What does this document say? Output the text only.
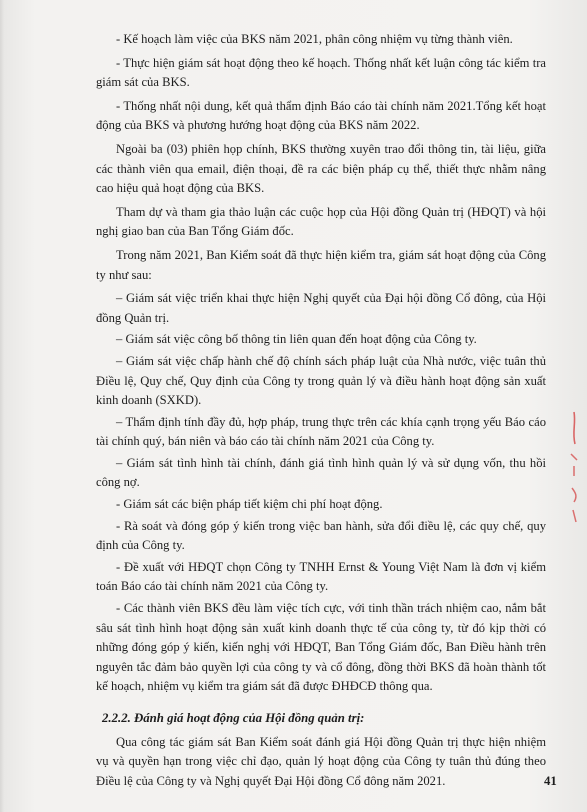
- Kế hoạch làm việc của BKS năm 2021, phân công nhiệm vụ từng thành viên.

- Thực hiện giám sát hoạt động theo kế hoạch. Thống nhất kết luận công tác kiểm tra giám sát của BKS.

- Thống nhất nội dung, kết quả thẩm định Báo cáo tài chính năm 2021.Tổng kết hoạt động của BKS và phương hướng hoạt động của BKS năm 2022.

Ngoài ba (03) phiên họp chính, BKS thường xuyên trao đổi thông tin, tài liệu, giữa các thành viên qua email, điện thoại, đề ra các biện pháp cụ thể, thiết thực nhằm nâng cao hiệu quả hoạt động của BKS.

Tham dự và tham gia thảo luận các cuộc họp của Hội đồng Quản trị (HĐQT) và hội nghị giao ban của Ban Tổng Giám đốc.

Trong năm 2021, Ban Kiểm soát đã thực hiện kiểm tra, giám sát hoạt động của Công ty như sau:

– Giám sát việc triển khai thực hiện Nghị quyết của Đại hội đồng Cổ đông, của Hội đồng Quản trị.

– Giám sát việc công bố thông tin liên quan đến hoạt động của Công ty.

– Giám sát việc chấp hành chế độ chính sách pháp luật của Nhà nước, việc tuân thủ Điều lệ, Quy chế, Quy định của Công ty trong quản lý và điều hành hoạt động sản xuất kinh doanh (SXKD).

– Thẩm định tính đầy đủ, hợp pháp, trung thực trên các khía cạnh trọng yếu Báo cáo tài chính quý, bán niên và báo cáo tài chính năm 2021 của Công ty.

– Giám sát tình hình tài chính, đánh giá tình hình quản lý và sử dụng vốn, thu hồi công nợ.

- Giám sát các biện pháp tiết kiệm chi phí hoạt động.

- Rà soát và đóng góp ý kiến trong việc ban hành, sửa đổi điều lệ, các quy chế, quy định của Công ty.

- Đề xuất với HĐQT chọn Công ty TNHH Ernst & Young Việt Nam là đơn vị kiểm toán Báo cáo tài chính năm 2021 của Công ty.

- Các thành viên BKS đều làm việc tích cực, với tinh thần trách nhiệm cao, nắm bắt sâu sát tình hình hoạt động sản xuất kinh doanh thực tế của công ty, từ đó kịp thời có những đóng góp ý kiến, kiến nghị với HĐQT, Ban Tổng Giám đốc, Ban Điều hành trên nguyên tắc đảm bảo quyền lợi của công ty và cổ đông, đồng thời BKS đã hoàn thành tốt kế hoạch, nhiệm vụ kiểm tra giám sát đã được ĐHĐCĐ thông qua.

2.2.2. Đánh giá hoạt động của Hội đồng quản trị:

Qua công tác giám sát Ban Kiểm soát đánh giá Hội đồng Quản trị thực hiện nhiệm vụ và quyền hạn trong việc chỉ đạo, quản lý hoạt động của Công ty tuân thủ đúng theo Điều lệ của Công ty và Nghị quyết Đại Hội đồng Cổ đông năm 2021.	41
